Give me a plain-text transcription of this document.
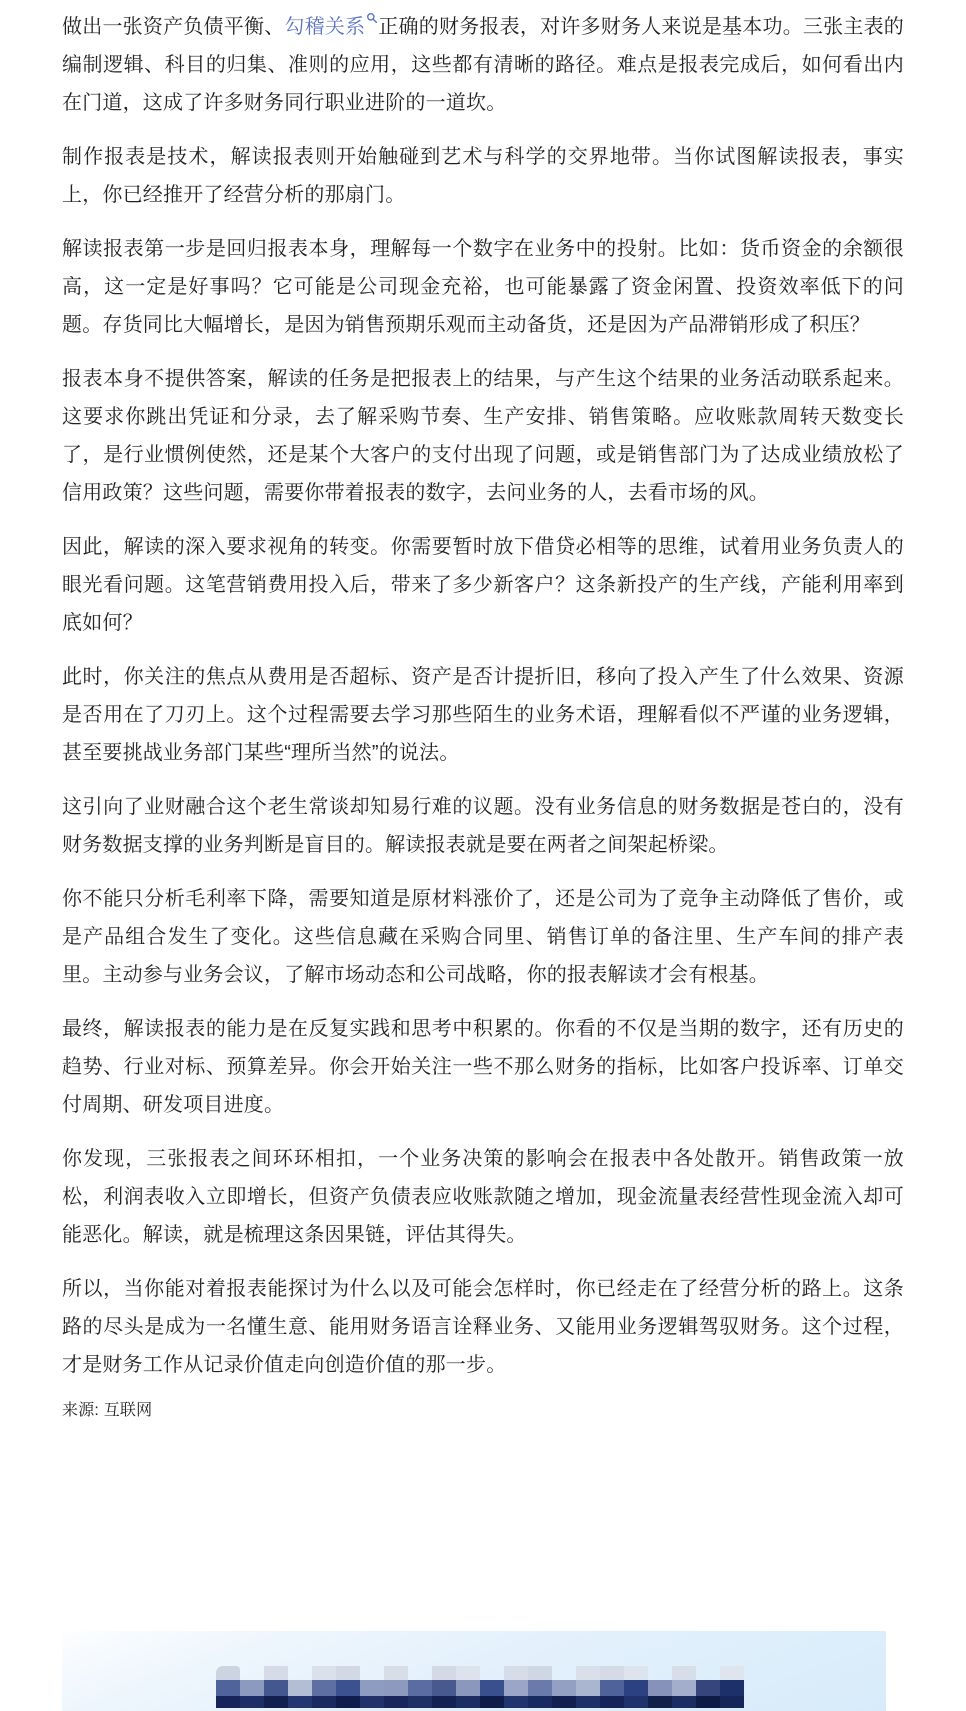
做出一张资产负债平衡、勾稽关系 正确的财务报表，对许多财务人来说是基本功。三张主表的编制逻辑、科目的归集、准则的应用，这些都有清晰的路径。难点是报表完成后，如何看出内在门道，这成了许多财务同行职业进阶的一道坎。

制作报表是技术，解读报表则开始触碰到艺术与科学的交界地带。当你试图解读报表，事实上，你已经推开了经营分析的那扇门。

解读报表第一步是回归报表本身，理解每一个数字在业务中的投射。比如：货币资金的余额很高，这一定是好事吗？它可能是公司现金充裕，也可能暴露了资金闲置、投资效率低下的问题。存货同比大幅增长，是因为销售预期乐观而主动备货，还是因为产品滞销形成了积压？

报表本身不提供答案，解读的任务是把报表上的结果，与产生这个结果的业务活动联系起来。这要求你跳出凭证和分录，去了解采购节奏、生产安排、销售策略。应收账款周转天数变长了，是行业惯例使然，还是某个大客户的支付出现了问题，或是销售部门为了达成业绩放松了信用政策？这些问题，需要你带着报表的数字，去问业务的人，去看市场的风。

因此，解读的深入要求视角的转变。你需要暂时放下借贷必相等的思维，试着用业务负责人的眼光看问题。这笔营销费用投入后，带来了多少新客户？这条新投产的生产线，产能利用率到底如何？

此时，你关注的焦点从费用是否超标、资产是否计提折旧，移向了投入产生了什么效果、资源是否用在了刀刃上。这个过程需要去学习那些陌生的业务术语，理解看似不严谨的业务逻辑，甚至要挑战业务部门某些“理所当然”的说法。

这引向了业财融合这个老生常谈却知易行难的议题。没有业务信息的财务数据是苍白的，没有财务数据支撑的业务判断是盲目的。解读报表就是要在两者之间架起桥梁。

你不能只分析毛利率下降，需要知道是原材料涨价了，还是公司为了竞争主动降低了售价，或是产品组合发生了变化。这些信息藏在采购合同里、销售订单的备注里、生产车间的排产表里。主动参与业务会议，了解市场动态和公司战略，你的报表解读才会有根基。

最终，解读报表的能力是在反复实践和思考中积累的。你看的不仅是当期的数字，还有历史的趋势、行业对标、预算差异。你会开始关注一些不那么财务的指标，比如客户投诉率、订单交付周期、研发项目进度。

你发现，三张报表之间环环相扣，一个业务决策的影响会在报表中各处散开。销售政策一放松，利润表收入立即增长，但资产负债表应收账款随之增加，现金流量表经营性现金流入却可能恶化。解读，就是梳理这条因果链，评估其得失。

所以，当你能对着报表能探讨为什么以及可能会怎样时，你已经走在了经营分析的路上。这条路的尽头是成为一名懂生意、能用财务语言诠释业务、又能用业务逻辑驾驭财务。这个过程，才是财务工作从记录价值走向创造价值的那一步。

来源: 互联网
